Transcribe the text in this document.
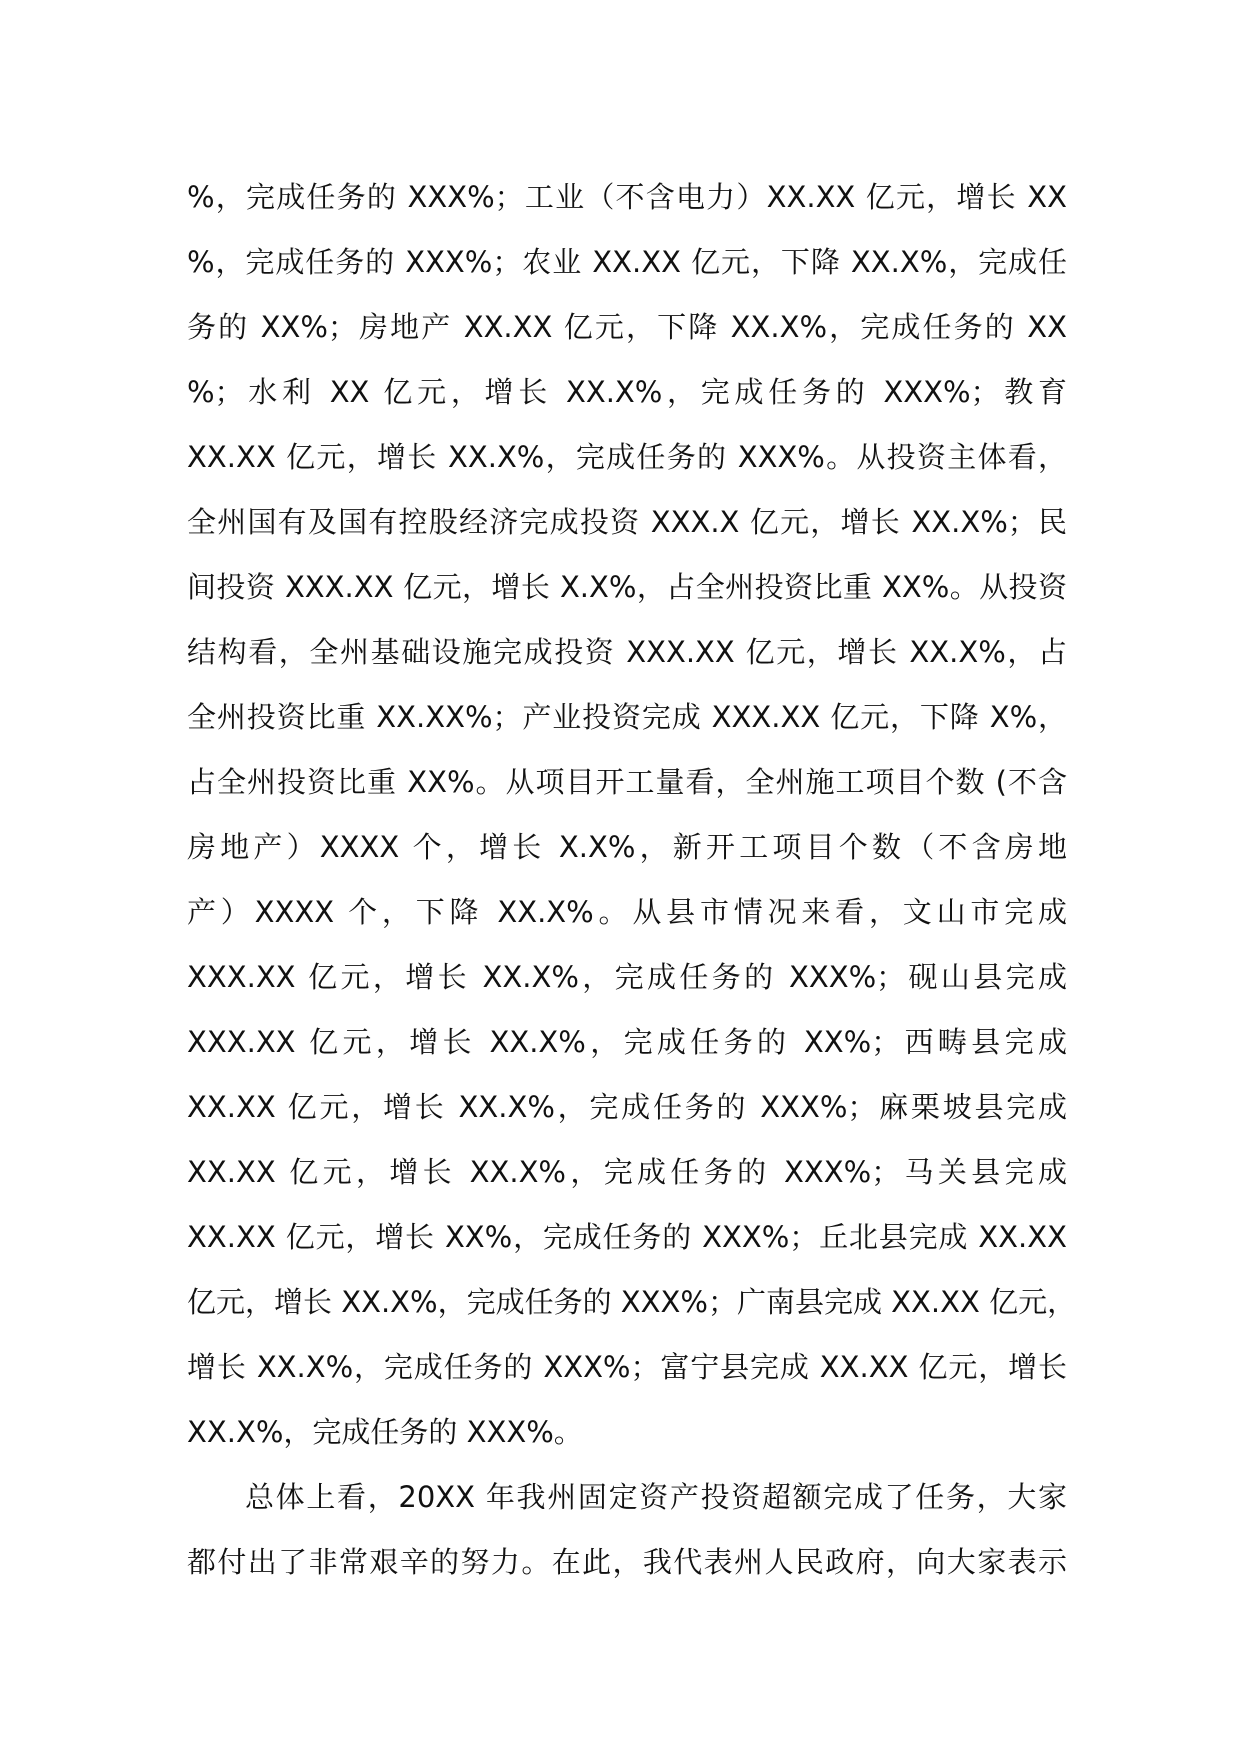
%，完成任务的 XXX%；工业（不含电力）XX.XX 亿元，增长 XX
%，完成任务的 XXX%；农业 XX.XX 亿元，下降 XX.X%，完成任
务的 XX%；房地产 XX.XX 亿元，下降 XX.X%，完成任务的 XX
%；水利 XX 亿元，增长 XX.X%，完成任务的 XXX%；教育
XX.XX 亿元，增长 XX.X%，完成任务的 XXX%。从投资主体看，
全州国有及国有控股经济完成投资 XXX.X 亿元，增长 XX.X%；民
间投资 XXX.XX 亿元，增长 X.X%，占全州投资比重 XX%。从投资
结构看，全州基础设施完成投资 XXX.XX 亿元，增长 XX.X%，占
全州投资比重 XX.XX%；产业投资完成 XXX.XX 亿元，下降 X%，
占全州投资比重 XX%。从项目开工量看，全州施工项目个数 (不含
房地产）XXXX 个，增长 X.X%，新开工项目个数（不含房地
产）XXXX 个，下降 XX.X%。从县市情况来看，文山市完成
XXX.XX 亿元，增长 XX.X%，完成任务的 XXX%；砚山县完成
XXX.XX 亿元，增长 XX.X%，完成任务的 XX%；西畴县完成
XX.XX 亿元，增长 XX.X%，完成任务的 XXX%；麻栗坡县完成
XX.XX 亿元，增长 XX.X%，完成任务的 XXX%；马关县完成
XX.XX 亿元，增长 XX%，完成任务的 XXX%；丘北县完成 XX.XX
亿元，增长 XX.X%，完成任务的 XXX%；广南县完成 XX.XX 亿元，
增长 XX.X%，完成任务的 XXX%；富宁县完成 XX.XX 亿元，增长
XX.X%，完成任务的 XXX%。
总体上看，20XX 年我州固定资产投资超额完成了任务，大家
都付出了非常艰辛的努力。在此，我代表州人民政府，向大家表示
